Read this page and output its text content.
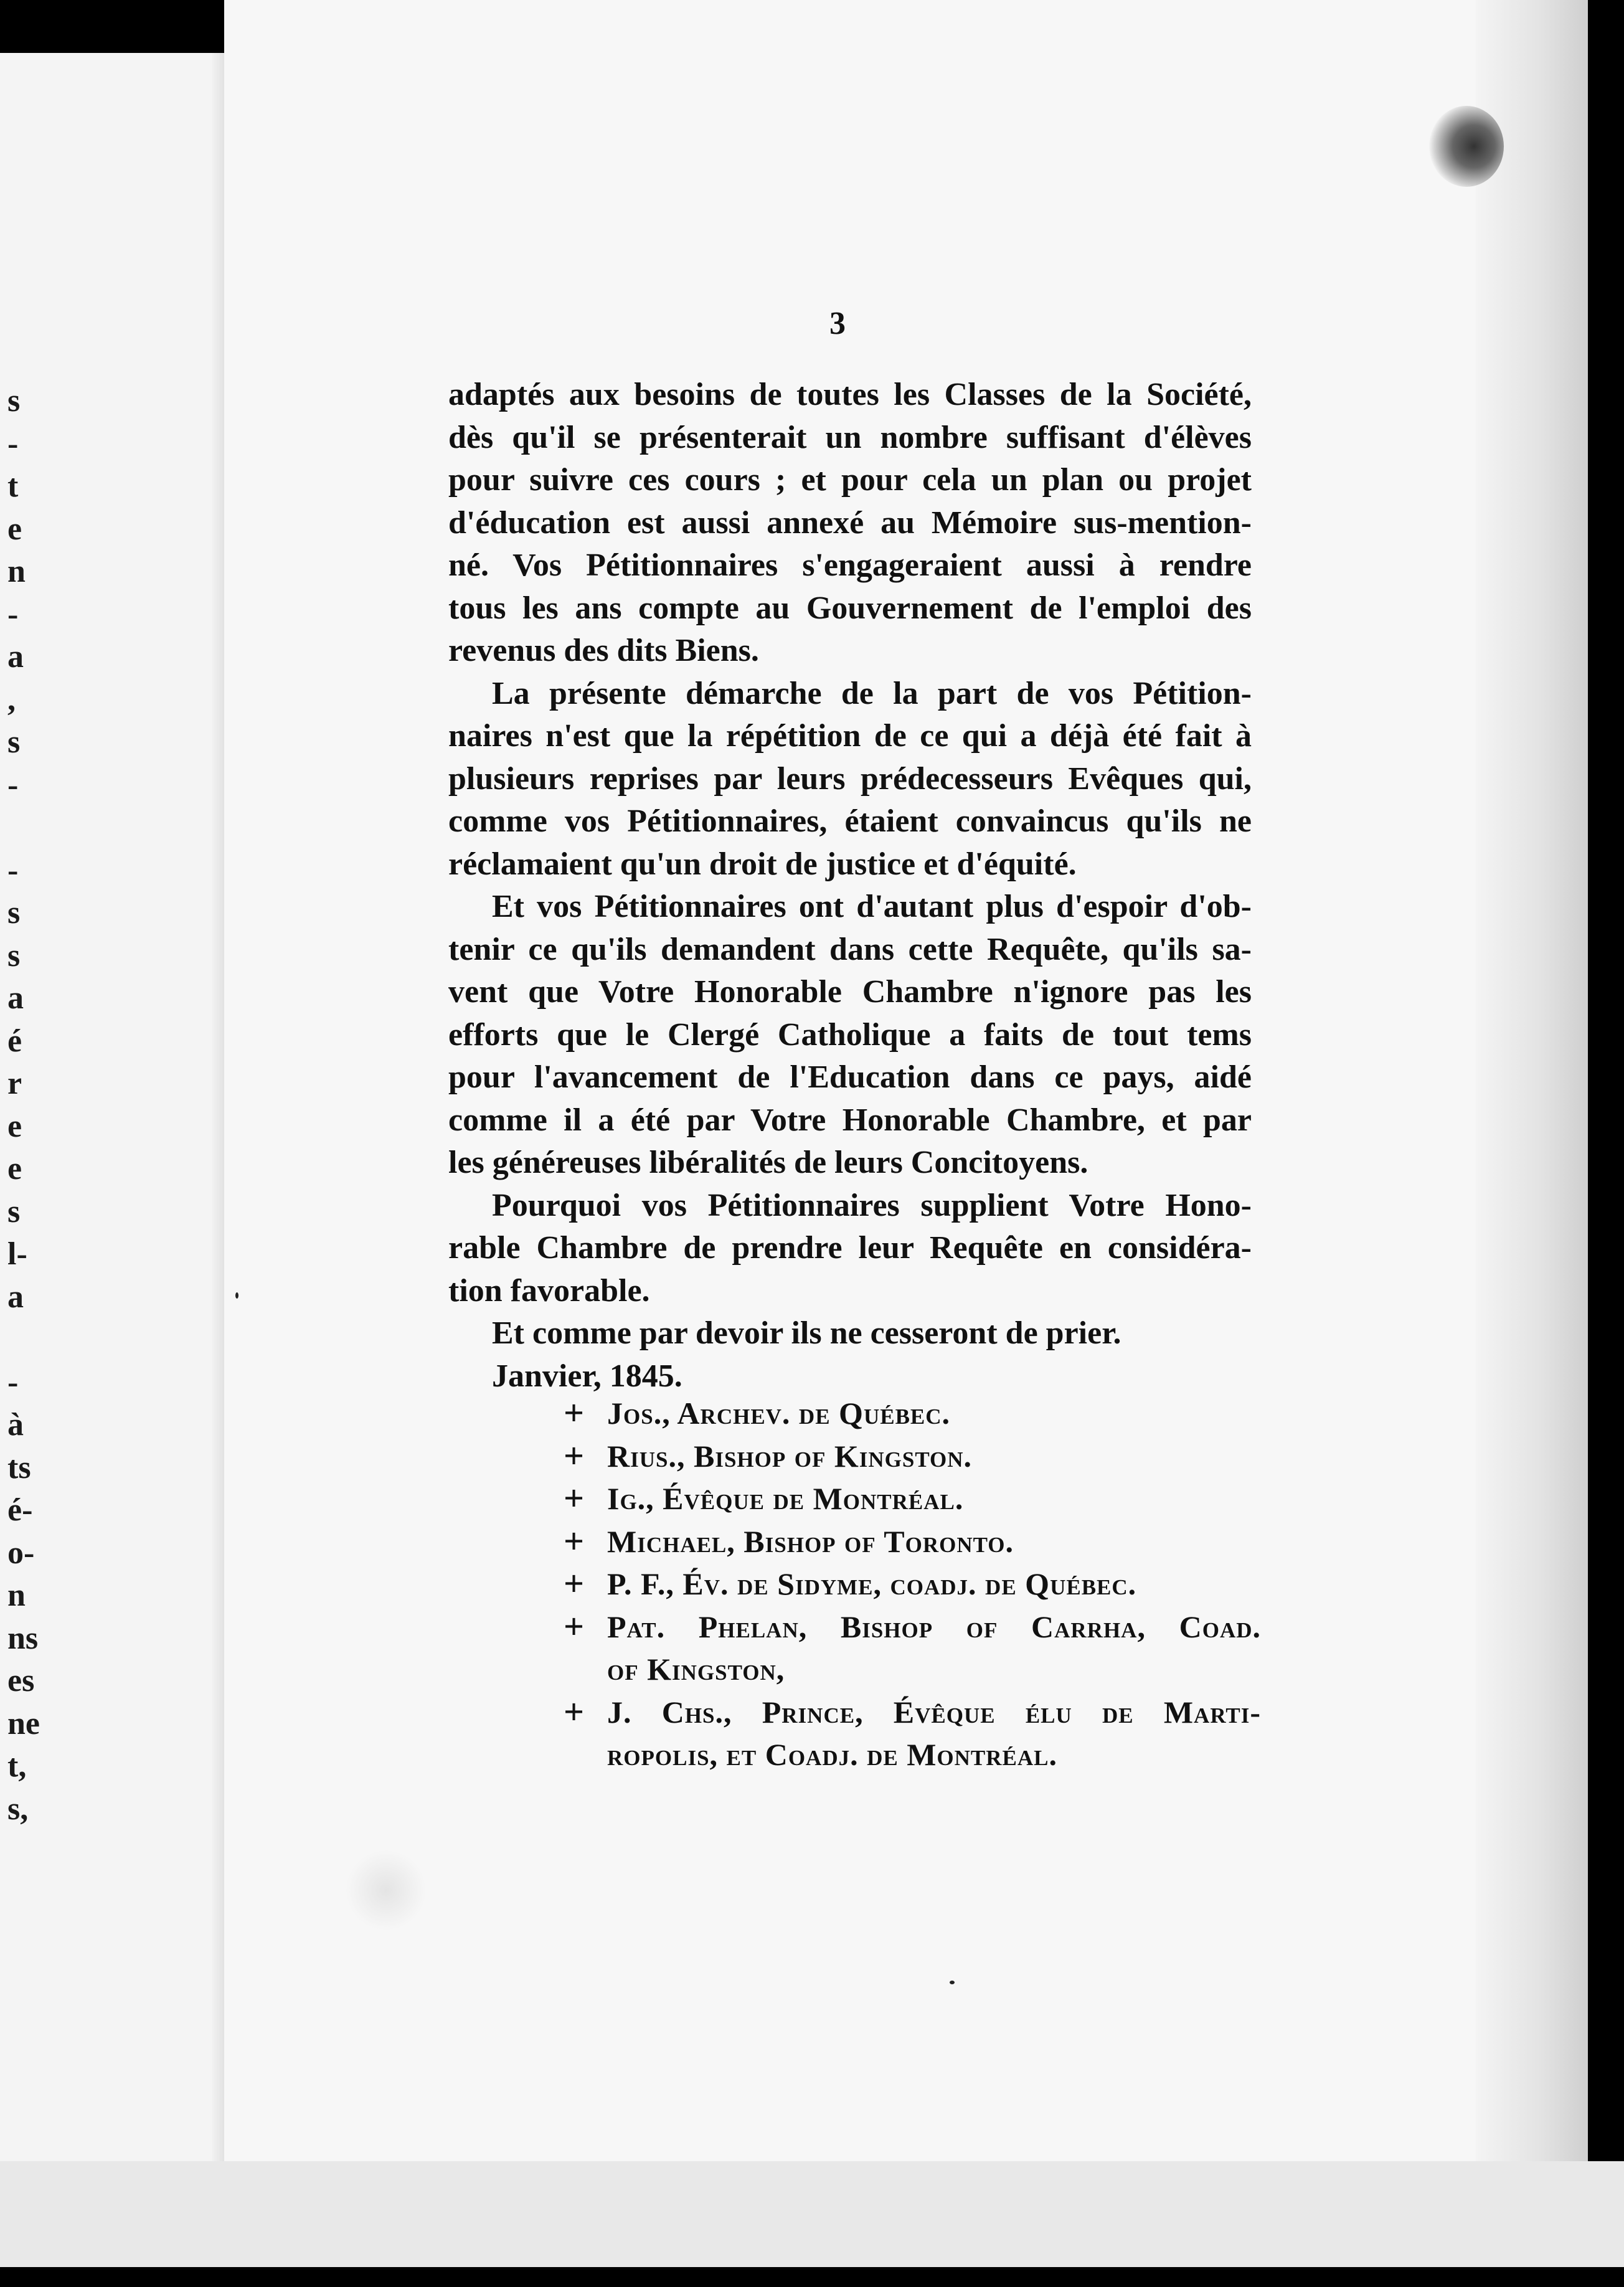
s
-
t
e
n
-
a
,
s
-
-
s
s
a
é
r
e
e
s
l-
a
-
à
ts
é-
o-
n
ns
es
ne
t,
s,
3
adaptés aux besoins de toutes les Classes de la Société,
dès qu'il se présenterait un nombre suffisant d'élèves
pour suivre ces cours ; et pour cela un plan ou projet
d'éducation est aussi annexé au Mémoire sus-mention-
né. Vos Pétitionnaires s'engageraient aussi à rendre
tous les ans compte au Gouvernement de l'emploi des
revenus des dits Biens.
La présente démarche de la part de vos Pétition-
naires n'est que la répétition de ce qui a déjà été fait à
plusieurs reprises par leurs prédecesseurs Evêques qui,
comme vos Pétitionnaires, étaient convaincus qu'ils ne
réclamaient qu'un droit de justice et d'équité.
Et vos Pétitionnaires ont d'autant plus d'espoir d'ob-
tenir ce qu'ils demandent dans cette Requête, qu'ils sa-
vent que Votre Honorable Chambre n'ignore pas les
efforts que le Clergé Catholique a faits de tout tems
pour l'avancement de l'Education dans ce pays, aidé
comme il a été par Votre Honorable Chambre, et par
les généreuses libéralités de leurs Concitoyens.
Pourquoi vos Pétitionnaires supplient Votre Hono-
rable Chambre de prendre leur Requête en considéra-
tion favorable.
Et comme par devoir ils ne cesseront de prier.
Janvier, 1845.
+ Jos., Archev. de Québec.
+ Rius., Bishop of Kingston.
+ Ig., Évêque de Montréal.
+ Michael, Bishop of Toronto.
+ P. F., Év. de Sidyme, coadj. de Québec.
+ Pat. Phelan, Bishop of Carrha, Coad.
of Kingston,
+ J. Chs., Prince, Évêque élu de Marti-
ropolis, et Coadj. de Montréal.
